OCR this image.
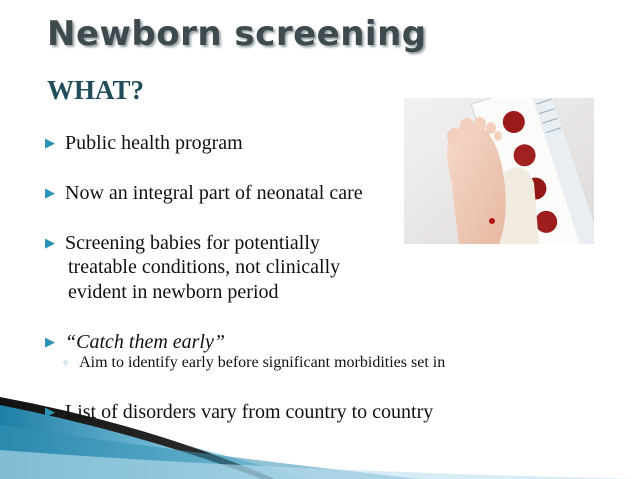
Newborn screening
WHAT?
▶ Public health program
▶ Now an integral part of neonatal care
▶ Screening babies for potentially
treatable conditions, not clinically
evident in newborn period
▶ “Catch them early”
◦ Aim to identify early before significant morbidities set in
▶ List of disorders vary from country to country
